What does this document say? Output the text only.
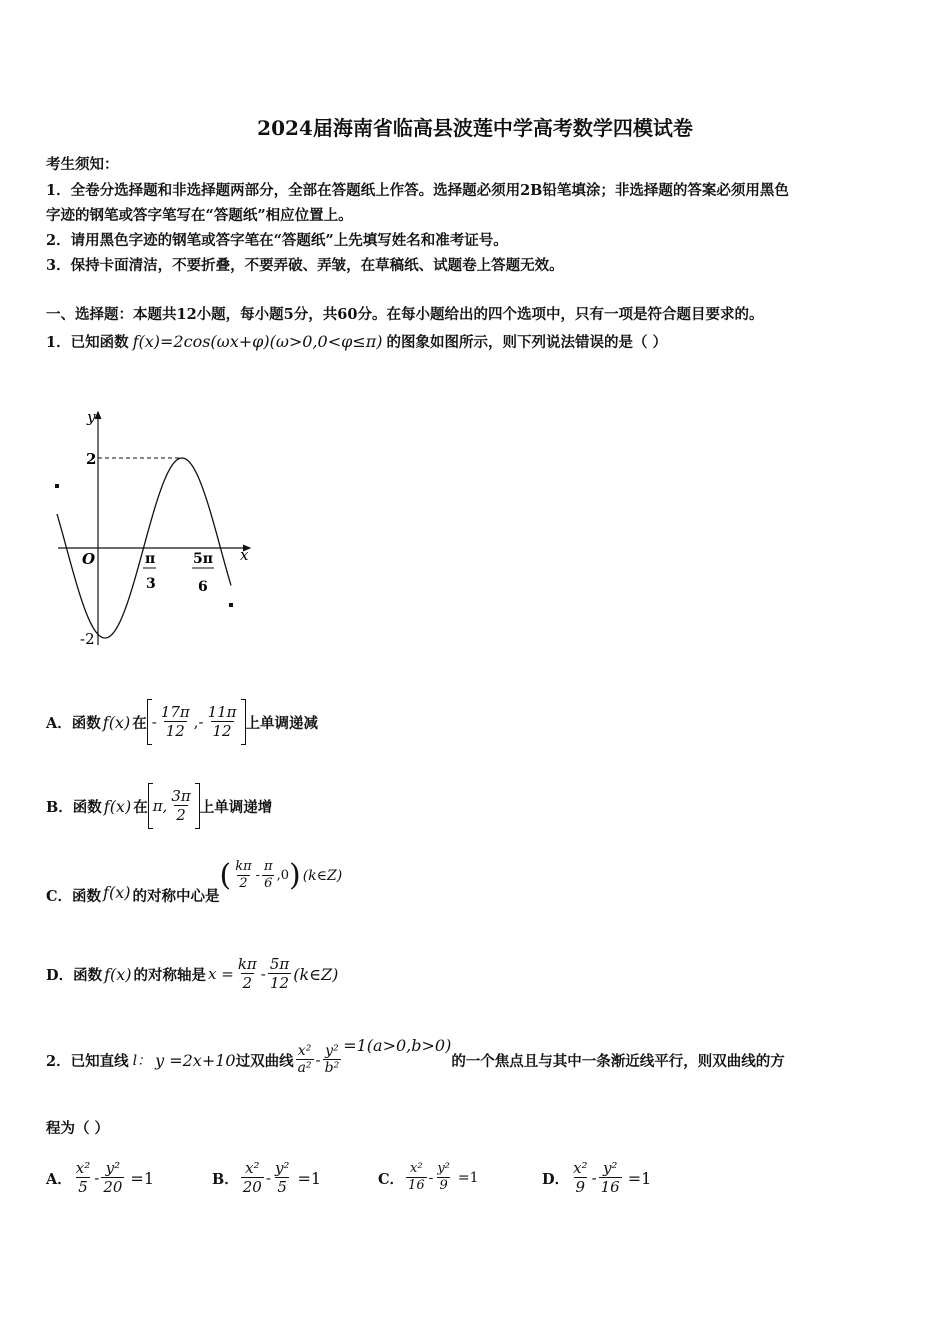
2024届海南省临高县波莲中学高考数学四模试卷
考生须知：
1．全卷分选择题和非选择题两部分，全部在答题纸上作答。选择题必须用2B铅笔填涂；非选择题的答案必须用黑色
字迹的钢笔或答字笔写在“答题纸”相应位置上。
2．请用黑色字迹的钢笔或答字笔在“答题纸”上先填写姓名和准考证号。
3．保持卡面清洁，不要折叠，不要弄破、弄皱，在草稿纸、试题卷上答题无效。
一、选择题：本题共12小题，每小题5分，共60分。在每小题给出的四个选项中，只有一项是符合题目要求的。
1．已知函数 f(x)=2cos(ωx+φ)(ω>0,0<φ≤π) 的图象如图所示，则下列说法错误的是（ ）
y
x
O
2
-2
π
3
5π
6
A． 函数 f(x) 在 - $\frac{17\pi}{12}$ ,- $\frac{11\pi}{12}$ 上单调递减
B． 函数 f(x) 在 π, $\frac{3\pi}{2}$ 上单调递增
C． 函数 f(x) 的对称中心是
( $\frac{k\pi}{2} - \frac{\pi}{6} ,0$ ) (k∈Z)
D． 函数 f(x) 的对称轴是 $x = \frac{k\pi}{2} - \frac{5\pi}{12}$ (k∈Z)
2．已知直线 l： y =2x+10 过双曲线 $\frac{\text{x²}}{\text{a²}} - \frac{\text{y²}}{\text{b²}} =1(a>0,b>0)$
的一个焦点且与其中一条渐近线平行，则双曲线的方
程为（ ）
A． $\frac{\text{x²}}{5} - \frac{\text{y²}}{20} =1$	B． $\frac{\text{x²}}{20} - \frac{\text{y²}}{5} =1$	C． $\frac{\text{x²}}{16} - \frac{\text{y²}}{9} =1$	D． $\frac{\text{x²}}{9} - \frac{\text{y²}}{16} =1$
